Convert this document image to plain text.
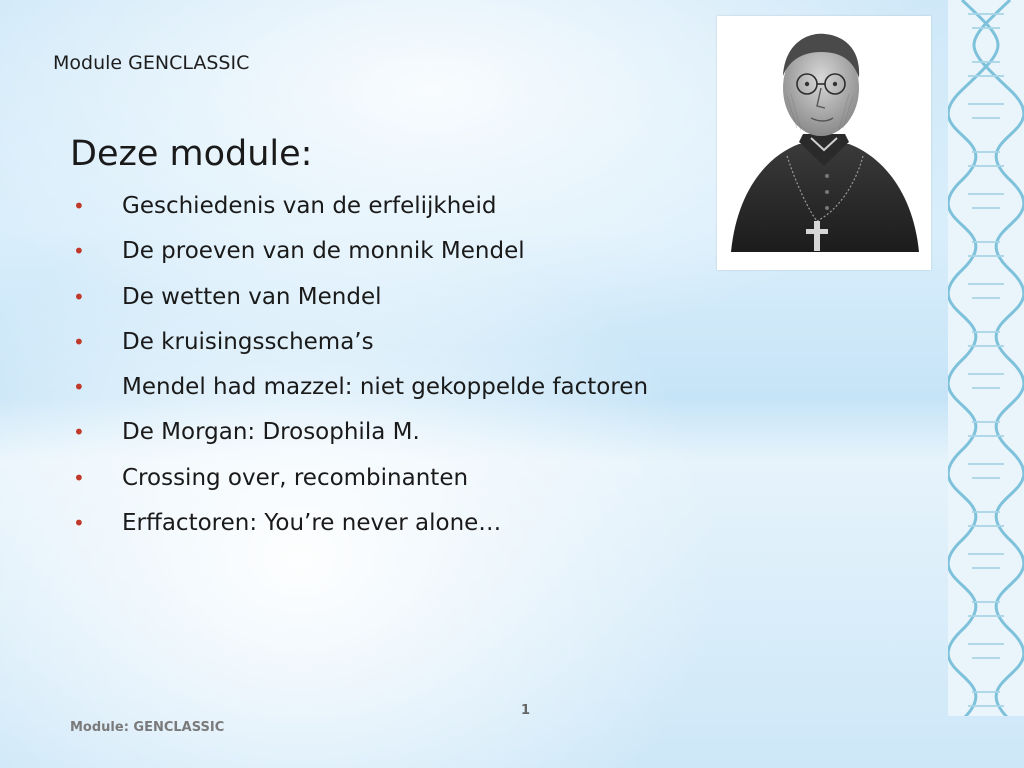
Module GENCLASSIC
Deze module:
•	Geschiedenis van de erfelijkheid
•	De proeven van de monnik Mendel
•	De wetten van Mendel
•	De kruisingsschema’s
•	Mendel had mazzel: niet gekoppelde factoren
•	De Morgan: Drosophila M.
•	Crossing over, recombinanten
•	Erffactoren: You’re never alone…
1
Module: GENCLASSIC
